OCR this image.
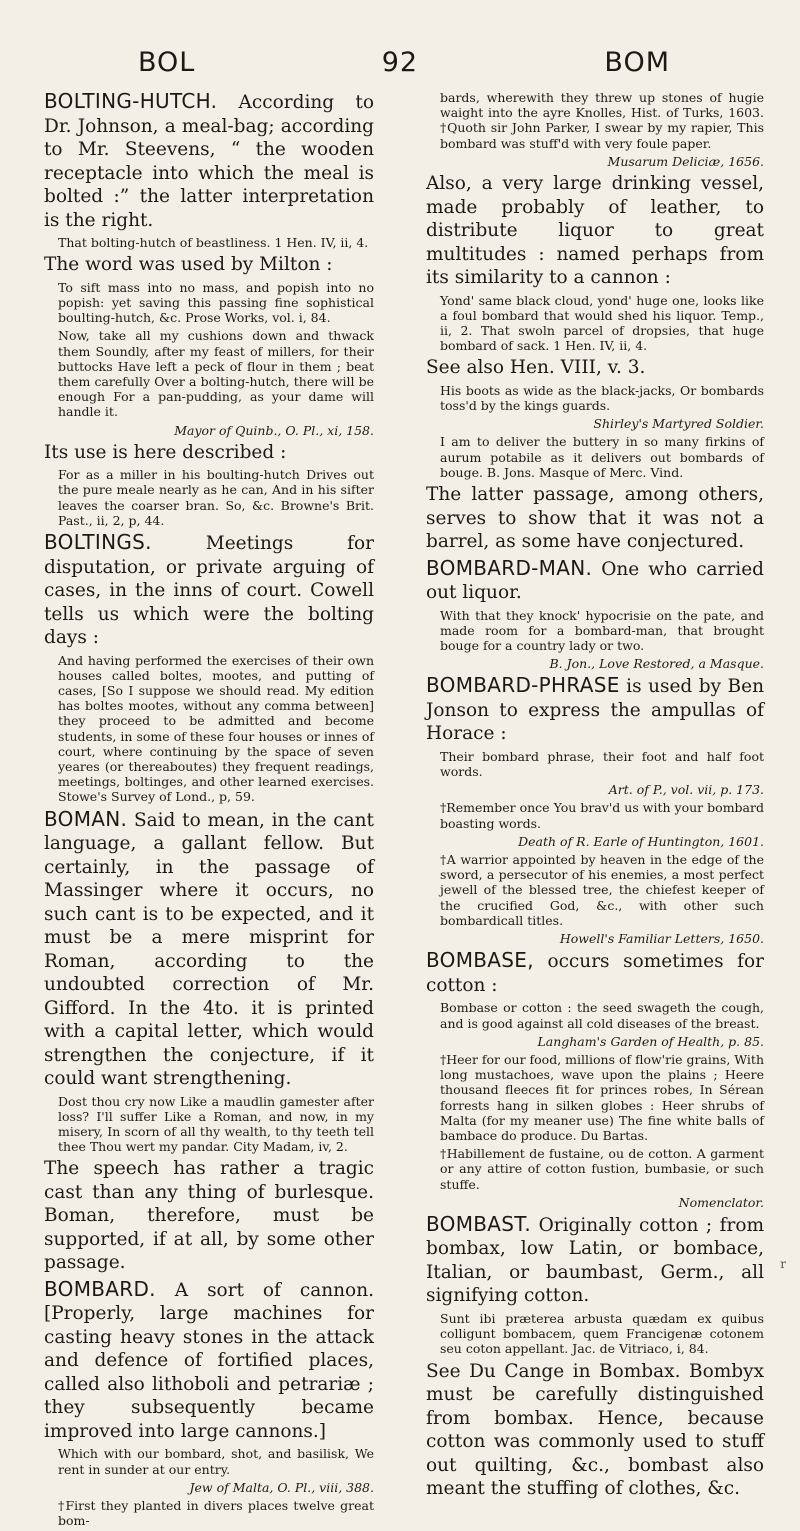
BOL	92	BOM
BOLTING-HUTCH. According to Dr. Johnson, a meal-bag; according to Mr. Steevens, “ the wooden receptacle into which the meal is bolted :” the latter interpretation is the right.
That bolting-hutch of beastliness. 1 Hen. IV, ii, 4.
The word was used by Milton :
To sift mass into no mass, and popish into no popish: yet saving this passing fine sophistical boulting-hutch, &c. Prose Works, vol. i, 84.
Now, take all my cushions down and thwack them Soundly, after my feast of millers, for their buttocks Have left a peck of flour in them ; beat them carefully Over a bolting-hutch, there will be enough For a pan-pudding, as your dame will handle it.
Mayor of Quinb., O. Pl., xi, 158.
Its use is here described :
For as a miller in his boulting-hutch Drives out the pure meale nearly as he can, And in his sifter leaves the coarser bran. So, &c. Browne's Brit. Past., ii, 2, p, 44.
BOLTINGS. Meetings for disputation, or private arguing of cases, in the inns of court. Cowell tells us which were the bolting days :
And having performed the exercises of their own houses called boltes, mootes, and putting of cases, [So I suppose we should read. My edition has boltes mootes, without any comma between] they proceed to be admitted and become students, in some of these four houses or innes of court, where continuing by the space of seven yeares (or thereaboutes) they frequent readings, meetings, boltinges, and other learned exercises. Stowe's Survey of Lond., p, 59.
BOMAN. Said to mean, in the cant language, a gallant fellow. But certainly, in the passage of Massinger where it occurs, no such cant is to be expected, and it must be a mere misprint for Roman, according to the undoubted correction of Mr. Gifford. In the 4to. it is printed with a capital letter, which would strengthen the conjecture, if it could want strengthening.
Dost thou cry now Like a maudlin gamester after loss? I'll suffer Like a Roman, and now, in my misery, In scorn of all thy wealth, to thy teeth tell thee Thou wert my pandar. City Madam, iv, 2.
The speech has rather a tragic cast than any thing of burlesque. Boman, therefore, must be supported, if at all, by some other passage.
BOMBARD. A sort of cannon. [Properly, large machines for casting heavy stones in the attack and defence of fortified places, called also lithoboli and petrariæ ; they subsequently became improved into large cannons.]
Which with our bombard, shot, and basilisk, We rent in sunder at our entry.
Jew of Malta, O. Pl., viii, 388.
†First they planted in divers places twelve great bom-
bards, wherewith they threw up stones of hugie waight into the ayre Knolles, Hist. of Turks, 1603. †Quoth sir John Parker, I swear by my rapier, This bombard was stuff'd with very foule paper.
Musarum Deliciæ, 1656.
Also, a very large drinking vessel, made probably of leather, to distribute liquor to great multitudes : named perhaps from its similarity to a cannon :
Yond' same black cloud, yond' huge one, looks like a foul bombard that would shed his liquor. Temp., ii, 2. That swoln parcel of dropsies, that huge bombard of sack. 1 Hen. IV, ii, 4.
See also Hen. VIII, v. 3.
His boots as wide as the black-jacks, Or bombards toss'd by the kings guards.
Shirley's Martyred Soldier.
I am to deliver the buttery in so many firkins of aurum potabile as it delivers out bombards of bouge. B. Jons. Masque of Merc. Vind.
The latter passage, among others, serves to show that it was not a barrel, as some have conjectured.
BOMBARD-MAN. One who carried out liquor.
With that they knock' hypocrisie on the pate, and made room for a bombard-man, that brought bouge for a country lady or two.
B. Jon., Love Restored, a Masque.
BOMBARD-PHRASE is used by Ben Jonson to express the ampullas of Horace :
Their bombard phrase, their foot and half foot words.
Art. of P., vol. vii, p. 173.
†Remember once You brav'd us with your bombard boasting words.
Death of R. Earle of Huntington, 1601.
†A warrior appointed by heaven in the edge of the sword, a persecutor of his enemies, a most perfect jewell of the blessed tree, the chiefest keeper of the crucified God, &c., with other such bombardicall titles.
Howell's Familiar Letters, 1650.
BOMBASE, occurs sometimes for cotton :
Bombase or cotton : the seed swageth the cough, and is good against all cold diseases of the breast.
Langham's Garden of Health, p. 85.
†Heer for our food, millions of flow'rie grains, With long mustachoes, wave upon the plains ; Heere thousand fleeces fit for princes robes, In Sérean forrests hang in silken globes : Heer shrubs of Malta (for my meaner use) The fine white balls of bambace do produce. Du Bartas.
†Habillement de fustaine, ou de cotton. A garment or any attire of cotton fustion, bumbasie, or such stuffe.
Nomenclator.
BOMBAST. Originally cotton ; from bombax, low Latin, or bombace, Italian, or baumbast, Germ., all signifying cotton.
Sunt ibi præterea arbusta quædam ex quibus colligunt bombacem, quem Francigenæ cotonem seu coton appellant. Jac. de Vitriaco, i, 84.
See Du Cange in Bombax. Bombyx must be carefully distinguished from bombax. Hence, because cotton was commonly used to stuff out quilting, &c., bombast also meant the stuffing of clothes, &c.
r
